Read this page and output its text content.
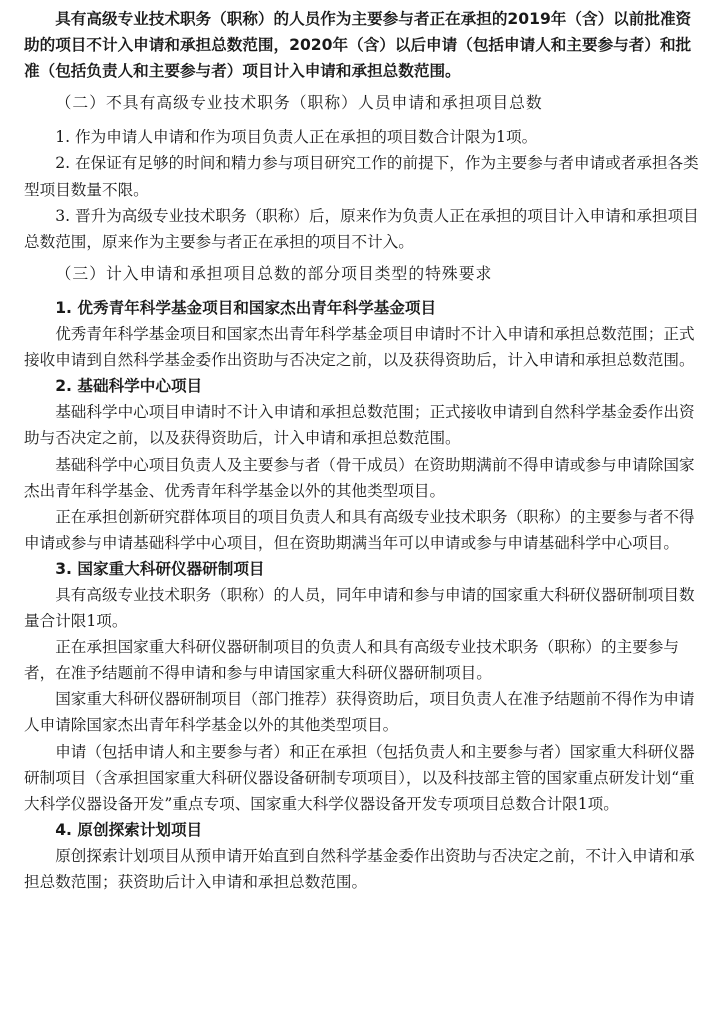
具有高级专业技术职务（职称）的人员作为主要参与者正在承担的2019年（含）以前批准资助的项目不计入申请和承担总数范围，2020年（含）以后申请（包括申请人和主要参与者）和批准（包括负责人和主要参与者）项目计入申请和承担总数范围。

（二）不具有高级专业技术职务（职称）人员申请和承担项目总数

1. 作为申请人申请和作为项目负责人正在承担的项目数合计限为1项。

2. 在保证有足够的时间和精力参与项目研究工作的前提下，作为主要参与者申请或者承担各类型项目数量不限。

3. 晋升为高级专业技术职务（职称）后，原来作为负责人正在承担的项目计入申请和承担项目总数范围，原来作为主要参与者正在承担的项目不计入。

（三）计入申请和承担项目总数的部分项目类型的特殊要求

1. 优秀青年科学基金项目和国家杰出青年科学基金项目

优秀青年科学基金项目和国家杰出青年科学基金项目申请时不计入申请和承担总数范围；正式接收申请到自然科学基金委作出资助与否决定之前，以及获得资助后，计入申请和承担总数范围。

2. 基础科学中心项目

基础科学中心项目申请时不计入申请和承担总数范围；正式接收申请到自然科学基金委作出资助与否决定之前，以及获得资助后，计入申请和承担总数范围。

基础科学中心项目负责人及主要参与者（骨干成员）在资助期满前不得申请或参与申请除国家杰出青年科学基金、优秀青年科学基金以外的其他类型项目。

正在承担创新研究群体项目的项目负责人和具有高级专业技术职务（职称）的主要参与者不得申请或参与申请基础科学中心项目，但在资助期满当年可以申请或参与申请基础科学中心项目。

3. 国家重大科研仪器研制项目

具有高级专业技术职务（职称）的人员，同年申请和参与申请的国家重大科研仪器研制项目数量合计限1项。

正在承担国家重大科研仪器研制项目的负责人和具有高级专业技术职务（职称）的主要参与者，在准予结题前不得申请和参与申请国家重大科研仪器研制项目。

国家重大科研仪器研制项目（部门推荐）获得资助后，项目负责人在准予结题前不得作为申请人申请除国家杰出青年科学基金以外的其他类型项目。

申请（包括申请人和主要参与者）和正在承担（包括负责人和主要参与者）国家重大科研仪器研制项目（含承担国家重大科研仪器设备研制专项项目），以及科技部主管的国家重点研发计划“重大科学仪器设备开发”重点专项、国家重大科学仪器设备开发专项项目总数合计限1项。

4. 原创探索计划项目

原创探索计划项目从预申请开始直到自然科学基金委作出资助与否决定之前，不计入申请和承担总数范围；获资助后计入申请和承担总数范围。
